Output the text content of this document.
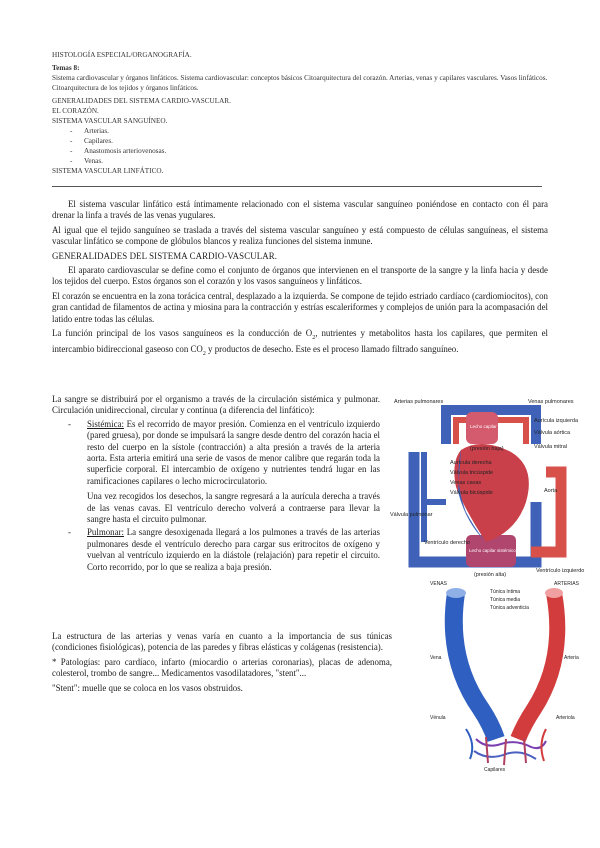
HISTOLOGÍA ESPECIAL/ORGANOGRAFÍA.

Temas 8:

Sistema cardiovascular y órganos linfáticos. Sistema cardiovascular: conceptos básicos Citoarquitectura del corazón. Arterias, venas y capilares vasculares. Vasos linfáticos. Citoarquitectura de los tejidos y órganos linfáticos.

GENERALIDADES DEL SISTEMA CARDIO-VASCULAR.

EL CORAZÓN.

SISTEMA VASCULAR SANGUÍNEO.

- Arterias.
- Capilares.
- Anastomosis arteriovenosas.
- Venas.

SISTEMA VASCULAR LINFÁTICO.

El sistema vascular linfático está íntimamente relacionado con el sistema vascular sanguíneo poniéndose en contacto con él para drenar la linfa a través de las venas yugulares.

Al igual que el tejido sanguíneo se traslada a través del sistema vascular sanguíneo y está compuesto de células sanguíneas, el sistema vascular linfático se compone de glóbulos blancos y realiza funciones del sistema inmune.

GENERALIDADES DEL SISTEMA CARDIO-VASCULAR.

El aparato cardiovascular se define como el conjunto de órganos que intervienen en el transporte de la sangre y la linfa hacia y desde los tejidos del cuerpo. Estos órganos son el corazón y los vasos sanguíneos y linfáticos.

El corazón se encuentra en la zona torácica central, desplazado a la izquierda. Se compone de tejido estriado cardíaco (cardiomiocitos), con gran cantidad de filamentos de actina y miosina para la contracción y estrías escaleriformes y complejos de unión para la acompasación del latido entre todas las células.

La función principal de los vasos sanguíneos es la conducción de $O_2$, nutrientes y metabolitos hasta los capilares, que permiten el intercambio bidireccional gaseoso con $CO_2$ y productos de desecho. Este es el proceso llamado filtrado sanguíneo.

La sangre se distribuirá por el organismo a través de la circulación sistémica y pulmonar. Circulación unidireccional, circular y contínua (a diferencia del linfático):

- Sistémica: Es el recorrido de mayor presión. Comienza en el ventrículo izquierdo (pared gruesa), por donde se impulsará la sangre desde dentro del corazón hacia el resto del cuerpo en la sístole (contracción) a alta presión a través de la arteria aorta. Esta arteria emitirá una serie de vasos de menor calibre que regarán toda la superficie corporal. El intercambio de oxígeno y nutrientes tendrá lugar en las ramificaciones capilares o lecho microcirculatorio.

Una vez recogidos los desechos, la sangre regresará a la aurícula derecha a través de las venas cavas. El ventrículo derecho volverá a contraerse para llevar la sangre hasta el circuito pulmonar.

- Pulmonar: La sangre desoxigenada llegará a los pulmones a través de las arterias pulmonares desde el ventrículo derecho para cargar sus eritrocitos de oxígeno y vuelvan al ventrículo izquierdo en la diástole (relajación) para repetir el circuito. Corto recorrido, por lo que se realiza a baja presión.

La estructura de las arterias y venas varía en cuanto a la importancia de sus túnicas (condiciones fisiológicas), potencia de las paredes y fibras elásticas y colágenas (resistencia).

* Patologías: paro cardíaco, infarto (miocardio o arterias coronarias), placas de adenoma, colesterol, trombo de sangre... Medicamentos vasodilatadores, "stent"...

"Stent": muelle que se coloca en los vasos obstruidos.

Arterias pulmonares	Venas pulmonares
Lecho capilar pulmonar
(presión baja)
Aurícula izquierda
Válvula aórtica
Válvula mitral
Aurícula derecha
Válvula tricúspide
Venas cavas
Válvula bicúspide	Aorta
Válvula pulmonar
Ventrículo derecho
Lecho capilar sistémico
(presión alta)
Ventrículo izquierdo
VENAS	ARTERIAS
Túnica íntima
Túnica media
Túnica adventicia
Vena	Arteria
Vénula	Arteriola
Capilares
